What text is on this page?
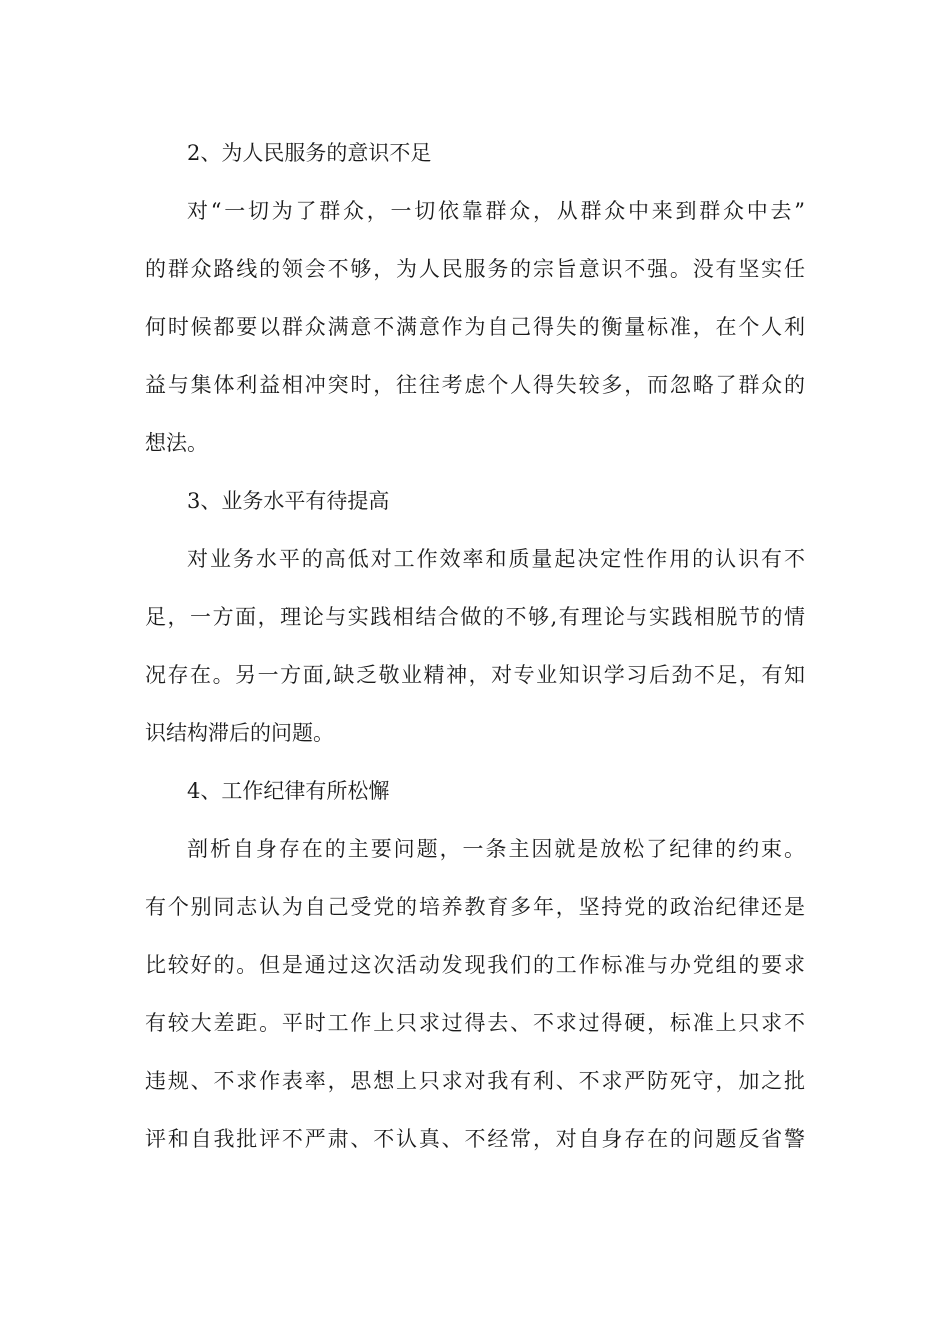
2、为人民服务的意识不足
对“一切为了群众，一切依靠群众，从群众中来到群众中去”
的群众路线的领会不够，为人民服务的宗旨意识不强。没有坚实任
何时候都要以群众满意不满意作为自己得失的衡量标准，在个人利
益与集体利益相冲突时，往往考虑个人得失较多，而忽略了群众的
想法。
3、业务水平有待提高
对业务水平的高低对工作效率和质量起决定性作用的认识有不
足，一方面，理论与实践相结合做的不够,有理论与实践相脱节的情
况存在。另一方面,缺乏敬业精神，对专业知识学习后劲不足，有知
识结构滞后的问题。
4、工作纪律有所松懈
剖析自身存在的主要问题，一条主因就是放松了纪律的约束。
有个别同志认为自己受党的培养教育多年，坚持党的政治纪律还是
比较好的。但是通过这次活动发现我们的工作标准与办党组的要求
有较大差距。平时工作上只求过得去、不求过得硬，标准上只求不
违规、不求作表率，思想上只求对我有利、不求严防死守，加之批
评和自我批评不严肃、不认真、不经常，对自身存在的问题反省警
